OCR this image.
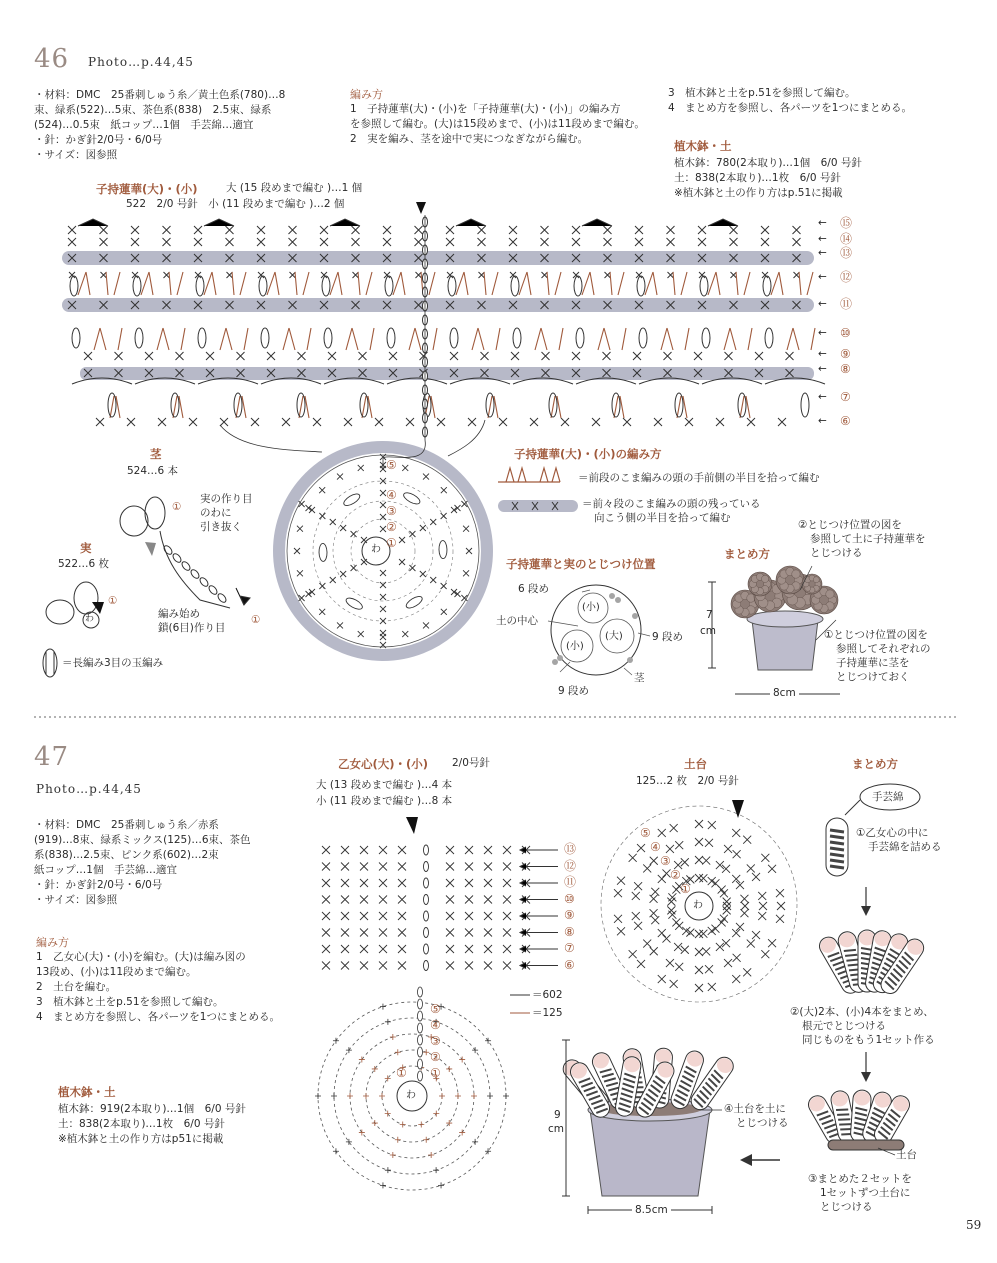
46 Photo…p.44,45

・材料：DMC　25番刺しゅう糸／黄土色系(780)…8

束、緑系(522)…5束、茶色系(838)　2.5束、緑系

(524)…0.5束　紙コップ…1個　手芸綿…適宜

・針：かぎ針2/0号・6/0号

・サイズ：図参照

編み方

1　子持蓮華(大)・(小)を「子持蓮華(大)・(小)」の編み方

を参照して編む。(大)は15段めまで、(小)は11段めまで編む。

2　実を編み、茎を途中で実につなぎながら編む。

3　植木鉢と土をp.51を参照して編む。

4　まとめ方を参照し、各パーツを1つにまとめる。

植木鉢・土

植木鉢：780(2本取り)…1個　6/0 号針

土：838(2本取り)…1枚　6/0 号針

※植木鉢と土の作り方はp.51に掲載

子持蓮華(大)・(小)	大 (15 段めまで編む )…1 個
522　2/0 号針　小 (11 段めまで編む )…2 個
← ⑮
← ⑭
← ⑬
← ⑫
← ⑪
← ⑩
← ⑨
← ⑧
← ⑦
← ⑥
⑤
④
③
②
①
わ
茎
524…6 本
実の作り目
のわに
引き抜く
①
編み始め
鎖(6目)作り目
①
実
522…6 枚
①
わ
＝長編み3目の玉編み
子持蓮華(大)・(小)の編み方
＝前段のこま編みの頭の手前側の半目を拾って編む
＝前々段のこま編みの頭の残っている
向こう側の半目を拾って編む
子持蓮華と実のとじつけ位置
6 段め
土の中心
9 段め
9 段め
茎
(小)
(小)
(大)
まとめ方
②とじつけ位置の図を
参照して土に子持蓮華を
とじつける
①とじつけ位置の図を
参照してそれぞれの
子持蓮華に茎を
とじつけておく
7
cm
8cm
47
Photo…p.44,45

・材料：DMC　25番刺しゅう糸／赤系

(919)…8束、緑系ミックス(125)…6束、茶色

系(838)…2.5束、ピンク系(602)…2束

紙コップ…1個　手芸綿…適宜

・針：かぎ針2/0号・6/0号

・サイズ：図参照

編み方

1　乙女心(大)・(小)を編む。(大)は編み図の

13段め、(小)は11段めまで編む。

2　土台を編む。

3　植木鉢と土をp.51を参照して編む。

4　まとめ方を参照し、各パーツを1つにまとめる。

植木鉢・土

植木鉢：919(2本取り)…1個　6/0 号針

土：838(2本取り)…1枚　6/0 号針

※植木鉢と土の作り方はp51に掲載

乙女心(大)・(小) 2/0号針
大 (13 段めまで編む )…4 本
小 (11 段めまで編む )…8 本
⑬
⑫
⑪
⑩
⑨
⑧
⑦
⑥
⑤
④
③
②
①
①
わ
＝602
＝125
土台
125…2 枚　2/0 号針
⑤
④
③
②
①
わ
まとめ方
手芸綿
①乙女心の中に
手芸綿を詰める
②(大)2本、(小)4本をまとめ、
根元でとじつける
同じものをもう1セット作る
土台
③まとめた２セットを
1セットずつ土台に
とじつける
④土台を土に
とじつける
9
cm
8.5cm
59
